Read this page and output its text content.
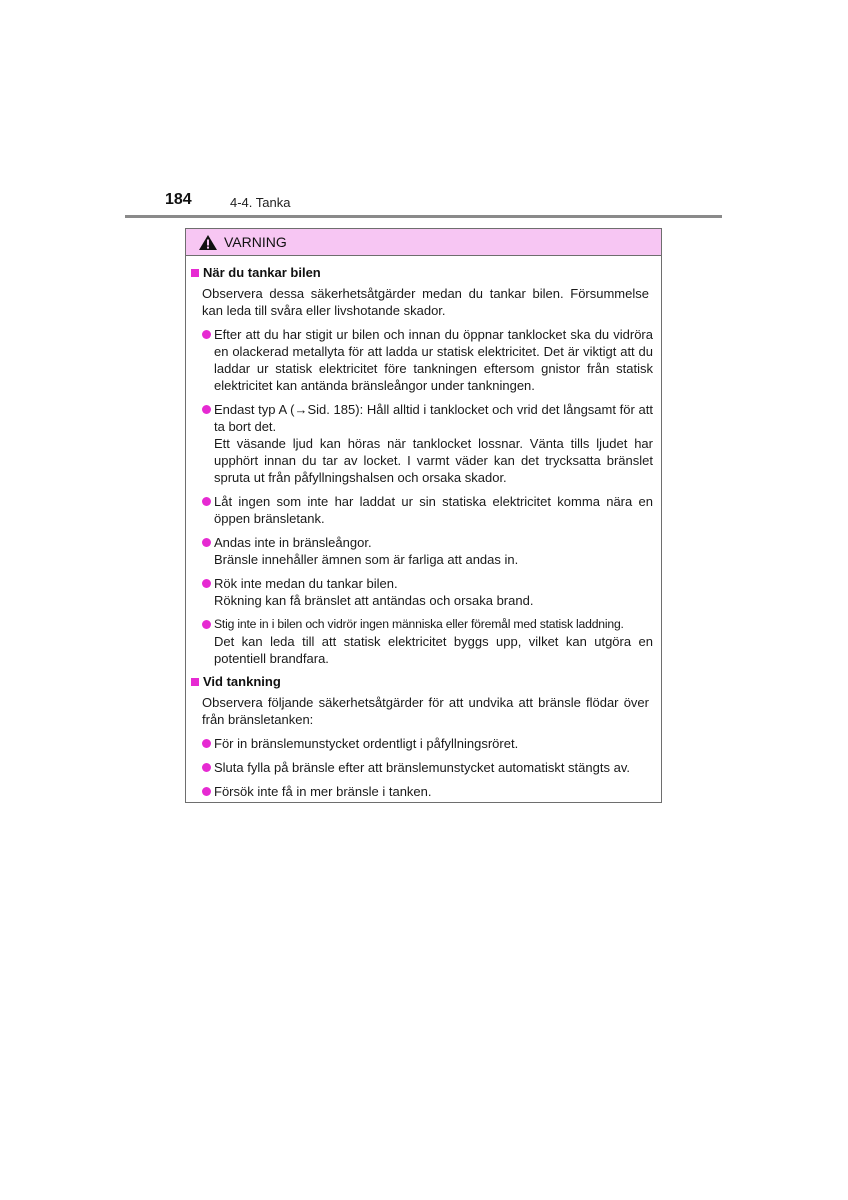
184	4-4. Tanka
VARNING
När du tankar bilen
Observera dessa säkerhetsåtgärder medan du tankar bilen. Försummelse kan leda till svåra eller livshotande skador.
Efter att du har stigit ur bilen och innan du öppnar tanklocket ska du vidröra en olackerad metallyta för att ladda ur statisk elektricitet. Det är viktigt att du laddar ur statisk elektricitet före tankningen eftersom gnistor från statisk elektricitet kan antända bränsleångor under tankningen.
Endast typ A (→Sid. 185): Håll alltid i tanklocket och vrid det långsamt för att ta bort det.
Ett väsande ljud kan höras när tanklocket lossnar. Vänta tills ljudet har upphört innan du tar av locket. I varmt väder kan det trycksatta bränslet spruta ut från påfyllningshalsen och orsaka skador.
Låt ingen som inte har laddat ur sin statiska elektricitet komma nära en öppen bränsletank.
Andas inte in bränsleångor.
Bränsle innehåller ämnen som är farliga att andas in.
Rök inte medan du tankar bilen.
Rökning kan få bränslet att antändas och orsaka brand.
Stig inte in i bilen och vidrör ingen människa eller föremål med statisk laddning.
Det kan leda till att statisk elektricitet byggs upp, vilket kan utgöra en potentiell brandfara.
Vid tankning
Observera följande säkerhetsåtgärder för att undvika att bränsle flödar över från bränsletanken:
För in bränslemunstycket ordentligt i påfyllningsröret.
Sluta fylla på bränsle efter att bränslemunstycket automatiskt stängts av.
Försök inte få in mer bränsle i tanken.
